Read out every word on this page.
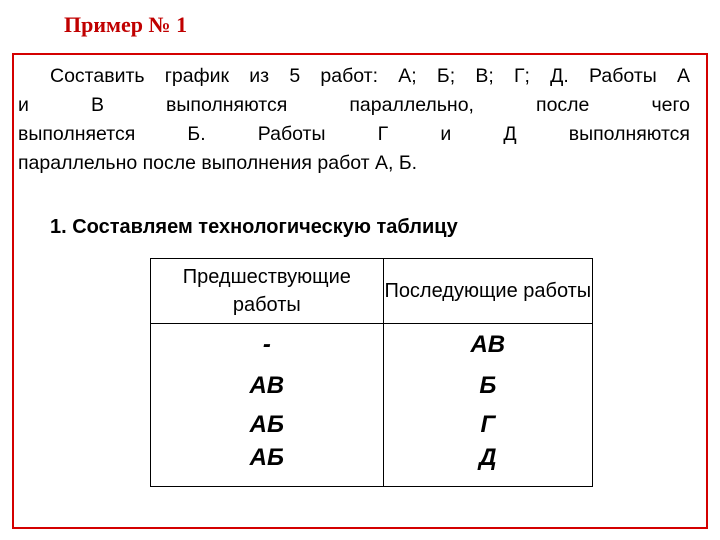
Пример № 1
Составить график из 5 работ: А; Б; В; Г; Д. Работы А
и В выполняются параллельно, после чего
выполняется Б. Работы Г и Д выполняются
параллельно после выполнения работ А, Б.
1. Составляем технологическую таблицу
Предшествующие работы	Последующие работы
-	АВ
АВ	Б
АБ	Г
АБ	Д
